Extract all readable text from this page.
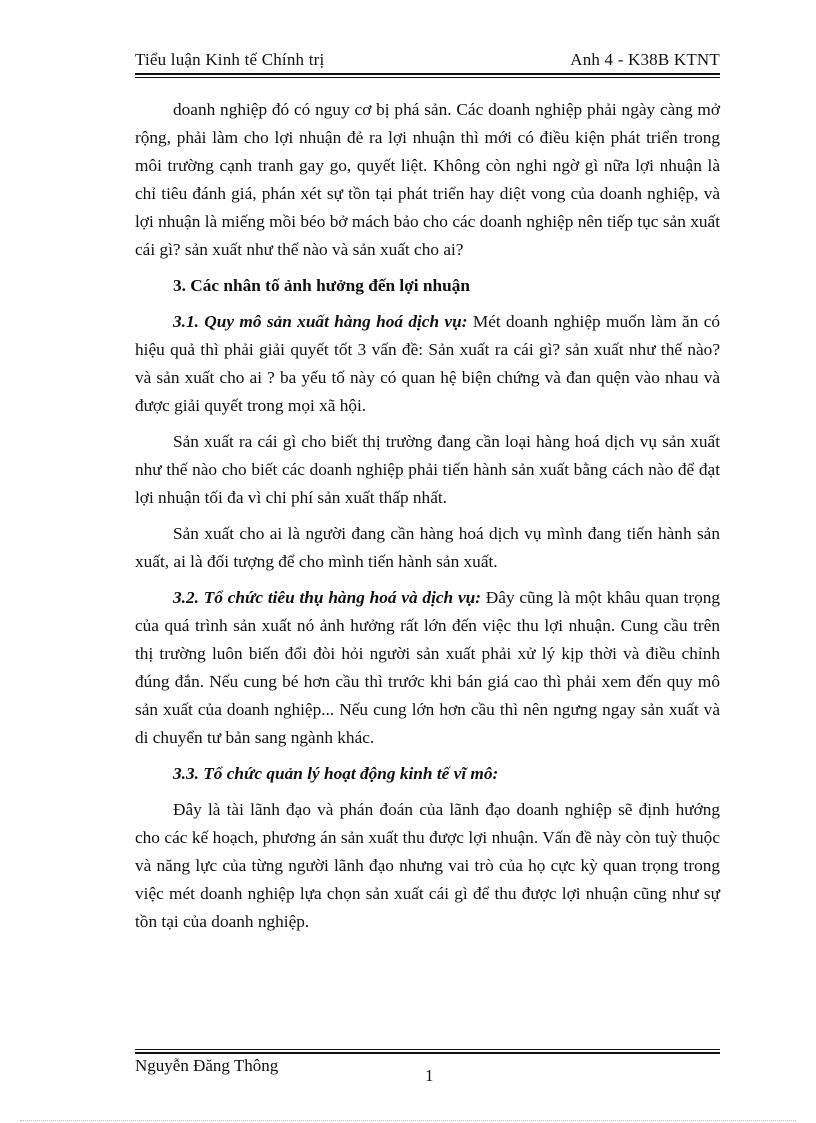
Tiểu luận Kinh tế Chính trị	Anh 4 - K38B KTNT

doanh nghiệp đó có nguy cơ bị phá sản. Các doanh nghiệp phải ngày càng mở rộng, phải làm cho lợi nhuận đẻ ra lợi nhuận thì mới có điều kiện phát triển trong môi trường cạnh tranh gay go, quyết liệt. Không còn nghi ngờ gì nữa lợi nhuận là chỉ tiêu đánh giá, phán xét sự tồn tại phát triển hay diệt vong của doanh nghiệp, và lợi nhuận là miếng mồi béo bở mách bảo cho các doanh nghiệp nên tiếp tục sản xuất cái gì? sản xuất như thế nào và sản xuất cho ai?

3. Các nhân tố ảnh hưởng đến lợi nhuận

3.1. Quy mô sản xuất hàng hoá dịch vụ: Mét doanh nghiệp muốn làm ăn có hiệu quả thì phải giải quyết tốt 3 vấn đề: Sản xuất ra cái gì? sản xuất như thế nào? và sản xuất cho ai ? ba yếu tố này có quan hệ biện chứng và đan quện vào nhau và được giải quyết trong mọi xã hội.

Sản xuất ra cái gì cho biết thị trường đang cần loại hàng hoá dịch vụ sản xuất như thế nào cho biết các doanh nghiệp phải tiến hành sản xuất bằng cách nào để đạt lợi nhuận tối đa vì chi phí sản xuất thấp nhất.

Sản xuất cho ai là người đang cần hàng hoá dịch vụ mình đang tiến hành sản xuất, ai là đối tượng để cho mình tiến hành sản xuất.

3.2. Tổ chức tiêu thụ hàng hoá và dịch vụ: Đây cũng là một khâu quan trọng của quá trình sản xuất nó ảnh hưởng rất lớn đến việc thu lợi nhuận. Cung cầu trên thị trường luôn biến đổi đòi hỏi người sản xuất phải xử lý kịp thời và điều chỉnh đúng đắn. Nếu cung bé hơn cầu thì trước khi bán giá cao thì phải xem đến quy mô sản xuất của doanh nghiệp... Nếu cung lớn hơn cầu thì nên ngưng ngay sản xuất và di chuyển tư bản sang ngành khác.

3.3. Tổ chức quản lý hoạt động kinh tế vĩ mô:

Đây là tài lãnh đạo và phán đoán của lãnh đạo doanh nghiệp sẽ định hướng cho các kế hoạch, phương án sản xuất thu được lợi nhuận. Vấn đề này còn tuỳ thuộc và năng lực của từng người lãnh đạo nhưng vai trò của họ cực kỳ quan trọng trong việc mét doanh nghiệp lựa chọn sản xuất cái gì để thu được lợi nhuận cũng như sự tồn tại của doanh nghiệp.

Nguyễn Đăng Thông
1
